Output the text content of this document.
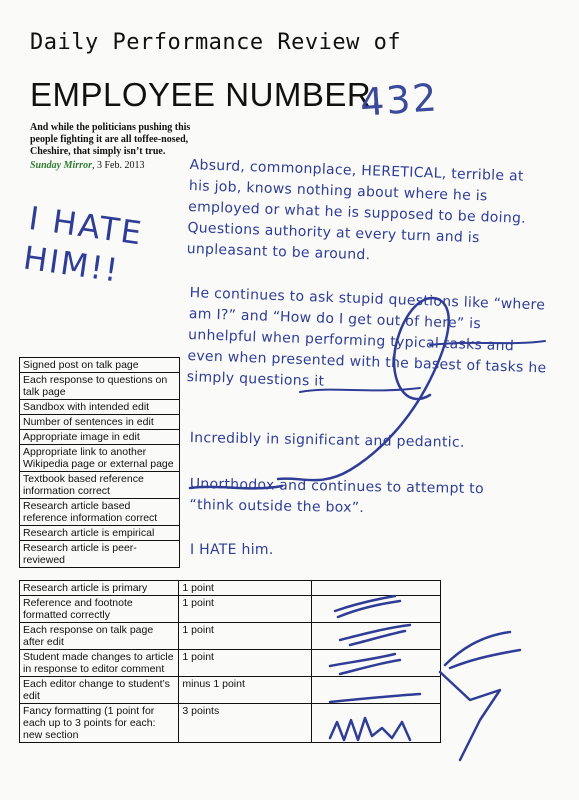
Daily Performance Review of
EMPLOYEE NUMBER:
432
And while the politicians pushing this people fighting it are all toffee-nosed, Cheshire, that simply isn’t true.
Sunday Mirror, 3 Feb. 2013
I HATE
HIM!!
Absurd, commonplace, HERETICAL, terrible at his job, knows nothing about where he is employed or what he is supposed to be doing. Questions authority at every turn and is unpleasant to be around.
He continues to ask stupid questions like “where am I?” and “How do I get out of here” is unhelpful when performing typical tasks and even when presented with the basest of tasks he simply questions it
Incredibly in significant and pedantic.
Unorthodox and continues to attempt to “think outside the box”.
I HATE him.
Signed post on talk page
Each response to questions on talk page
Sandbox with intended edit
Number of sentences in edit
Appropriate image in edit
Appropriate link to another Wikipedia page or external page
Textbook based reference information correct
Research article based reference information correct
Research article is empirical
Research article is peer-reviewed
Research article is primary	1 point	
Reference and footnote formatted correctly	1 point	
Each response on talk page after edit	1 point	
Student made changes to article in response to editor comment	1 point	
Each editor change to student’s edit	minus 1 point	
Fancy formatting (1 point for each up to 3 points for each: new section	3 points	
